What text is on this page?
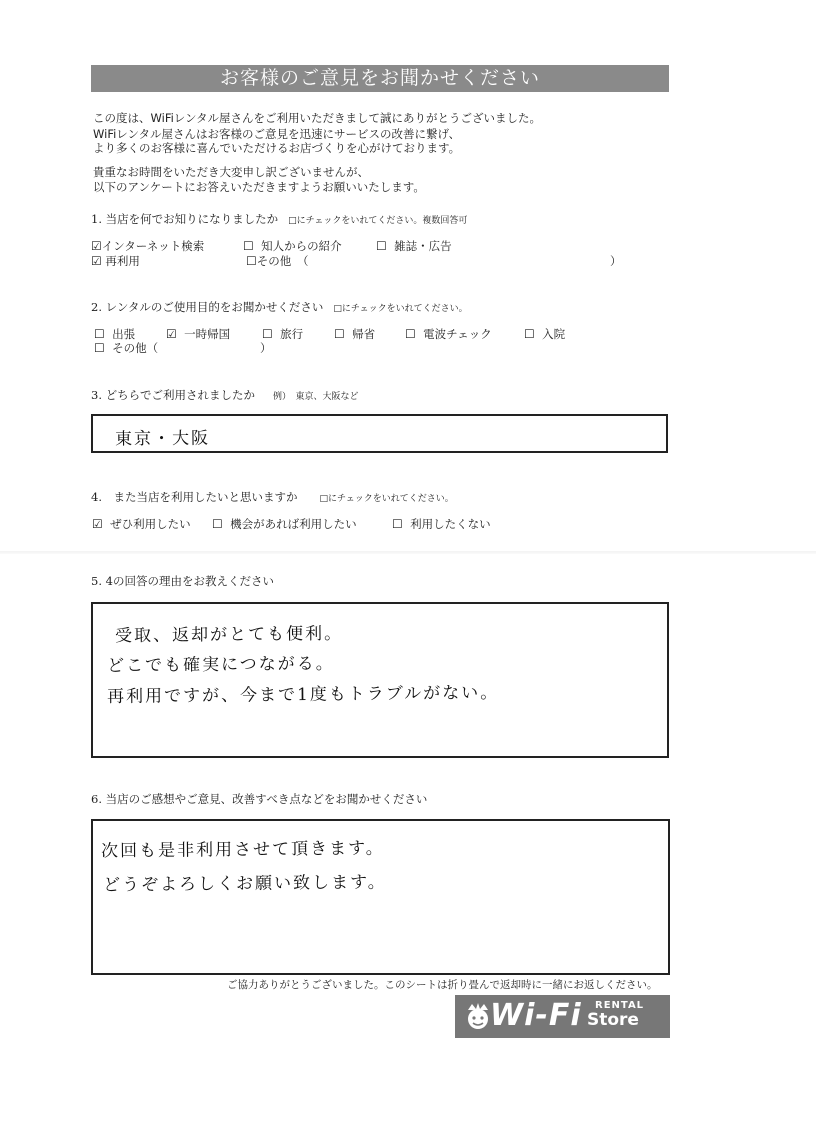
お客様のご意見をお聞かせください
この度は、WiFiレンタル屋さんをご利用いただきまして誠にありがとうございました。
WiFiレンタル屋さんはお客様のご意見を迅速にサービスの改善に繋げ、
より多くのお客様に喜んでいただけるお店づくりを心がけております。
貴重なお時間をいただき大変申し訳ございませんが、
以下のアンケートにお答えいただきますようお願いいたします。
1. 当店を何でお知りになりましたか □にチェックをいれてください。複数回答可
☑インターネット検索	☐ 知人からの紹介	☐ 雑誌・広告
☑ 再利用	☐その他　（	）
2. レンタルのご使用目的をお聞かせください □にチェックをいれてください。
☐ 出張	☑ 一時帰国	☐ 旅行	☐ 帰省 ☐ 電波チェック	☐ 入院
☐ その他（	）
3. どちらでご利用されましたか 例）　東京、大阪など
東京・大阪
4.　また当店を利用したいと思いますか □にチェックをいれてください。
☑ ぜひ利用したい ☐ 機会があれば利用したい	☐ 利用したくない
5. 4の回答の理由をお教えください
受取、返却がとても便利。
どこでも確実につながる。
再利用ですが、今まで1度もトラブルがない。
6. 当店のご感想やご意見、改善すべき点などをお聞かせください
次回も是非利用させて頂きます。
どうぞよろしくお願い致します。
ご協力ありがとうございました。このシートは折り畳んで返却時に一緒にお返しください。
Wi-Fi RENTAL
Store
